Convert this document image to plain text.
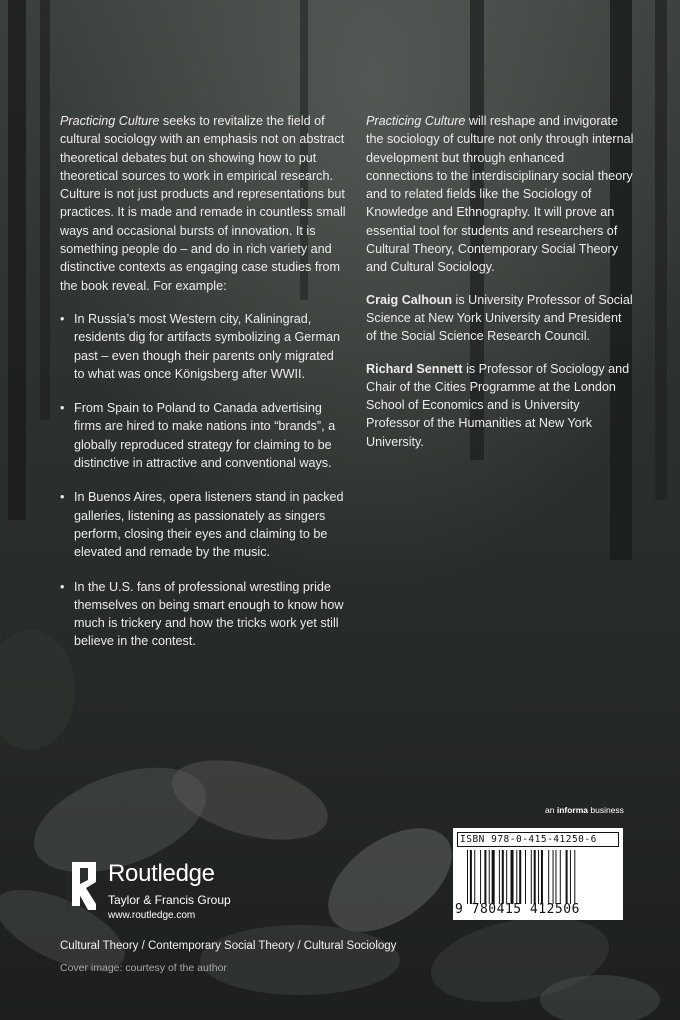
Practicing Culture seeks to revitalize the field of cultural sociology with an emphasis not on abstract theoretical debates but on showing how to put theoretical sources to work in empirical research. Culture is not just products and representations but practices. It is made and remade in countless small ways and occasional bursts of innovation. It is something people do – and do in rich variety and distinctive contexts as engaging case studies from the book reveal. For example:

• In Russia’s most Western city, Kaliningrad, residents dig for artifacts symbolizing a German past – even though their parents only migrated to what was once Königsberg after WWII.
• From Spain to Poland to Canada advertising firms are hired to make nations into “brands”, a globally reproduced strategy for claiming to be distinctive in attractive and conventional ways.
• In Buenos Aires, opera listeners stand in packed galleries, listening as passionately as singers perform, closing their eyes and claiming to be elevated and remade by the music.
• In the U.S. fans of professional wrestling pride themselves on being smart enough to know how much is trickery and how the tricks work yet still believe in the contest.

Practicing Culture will reshape and invigorate the sociology of culture not only through internal development but through enhanced connections to the interdisciplinary social theory and to related fields like the Sociology of Knowledge and Ethnography. It will prove an essential tool for students and researchers of Cultural Theory, Contemporary Social Theory and Cultural Sociology.

Craig Calhoun is University Professor of Social Science at New York University and President of the Social Science Research Council.

Richard Sennett is Professor of Sociology and Chair of the Cities Programme at the London School of Economics and is University Professor of the Humanities at New York University.

ROUTLEDGE
Routledge
Taylor & Francis Group
www.routledge.com
an informa business
ISBN 978-0-415-41250-6
9 780415 412506
Cultural Theory / Contemporary Social Theory / Cultural Sociology
Cover image: courtesy of the author
